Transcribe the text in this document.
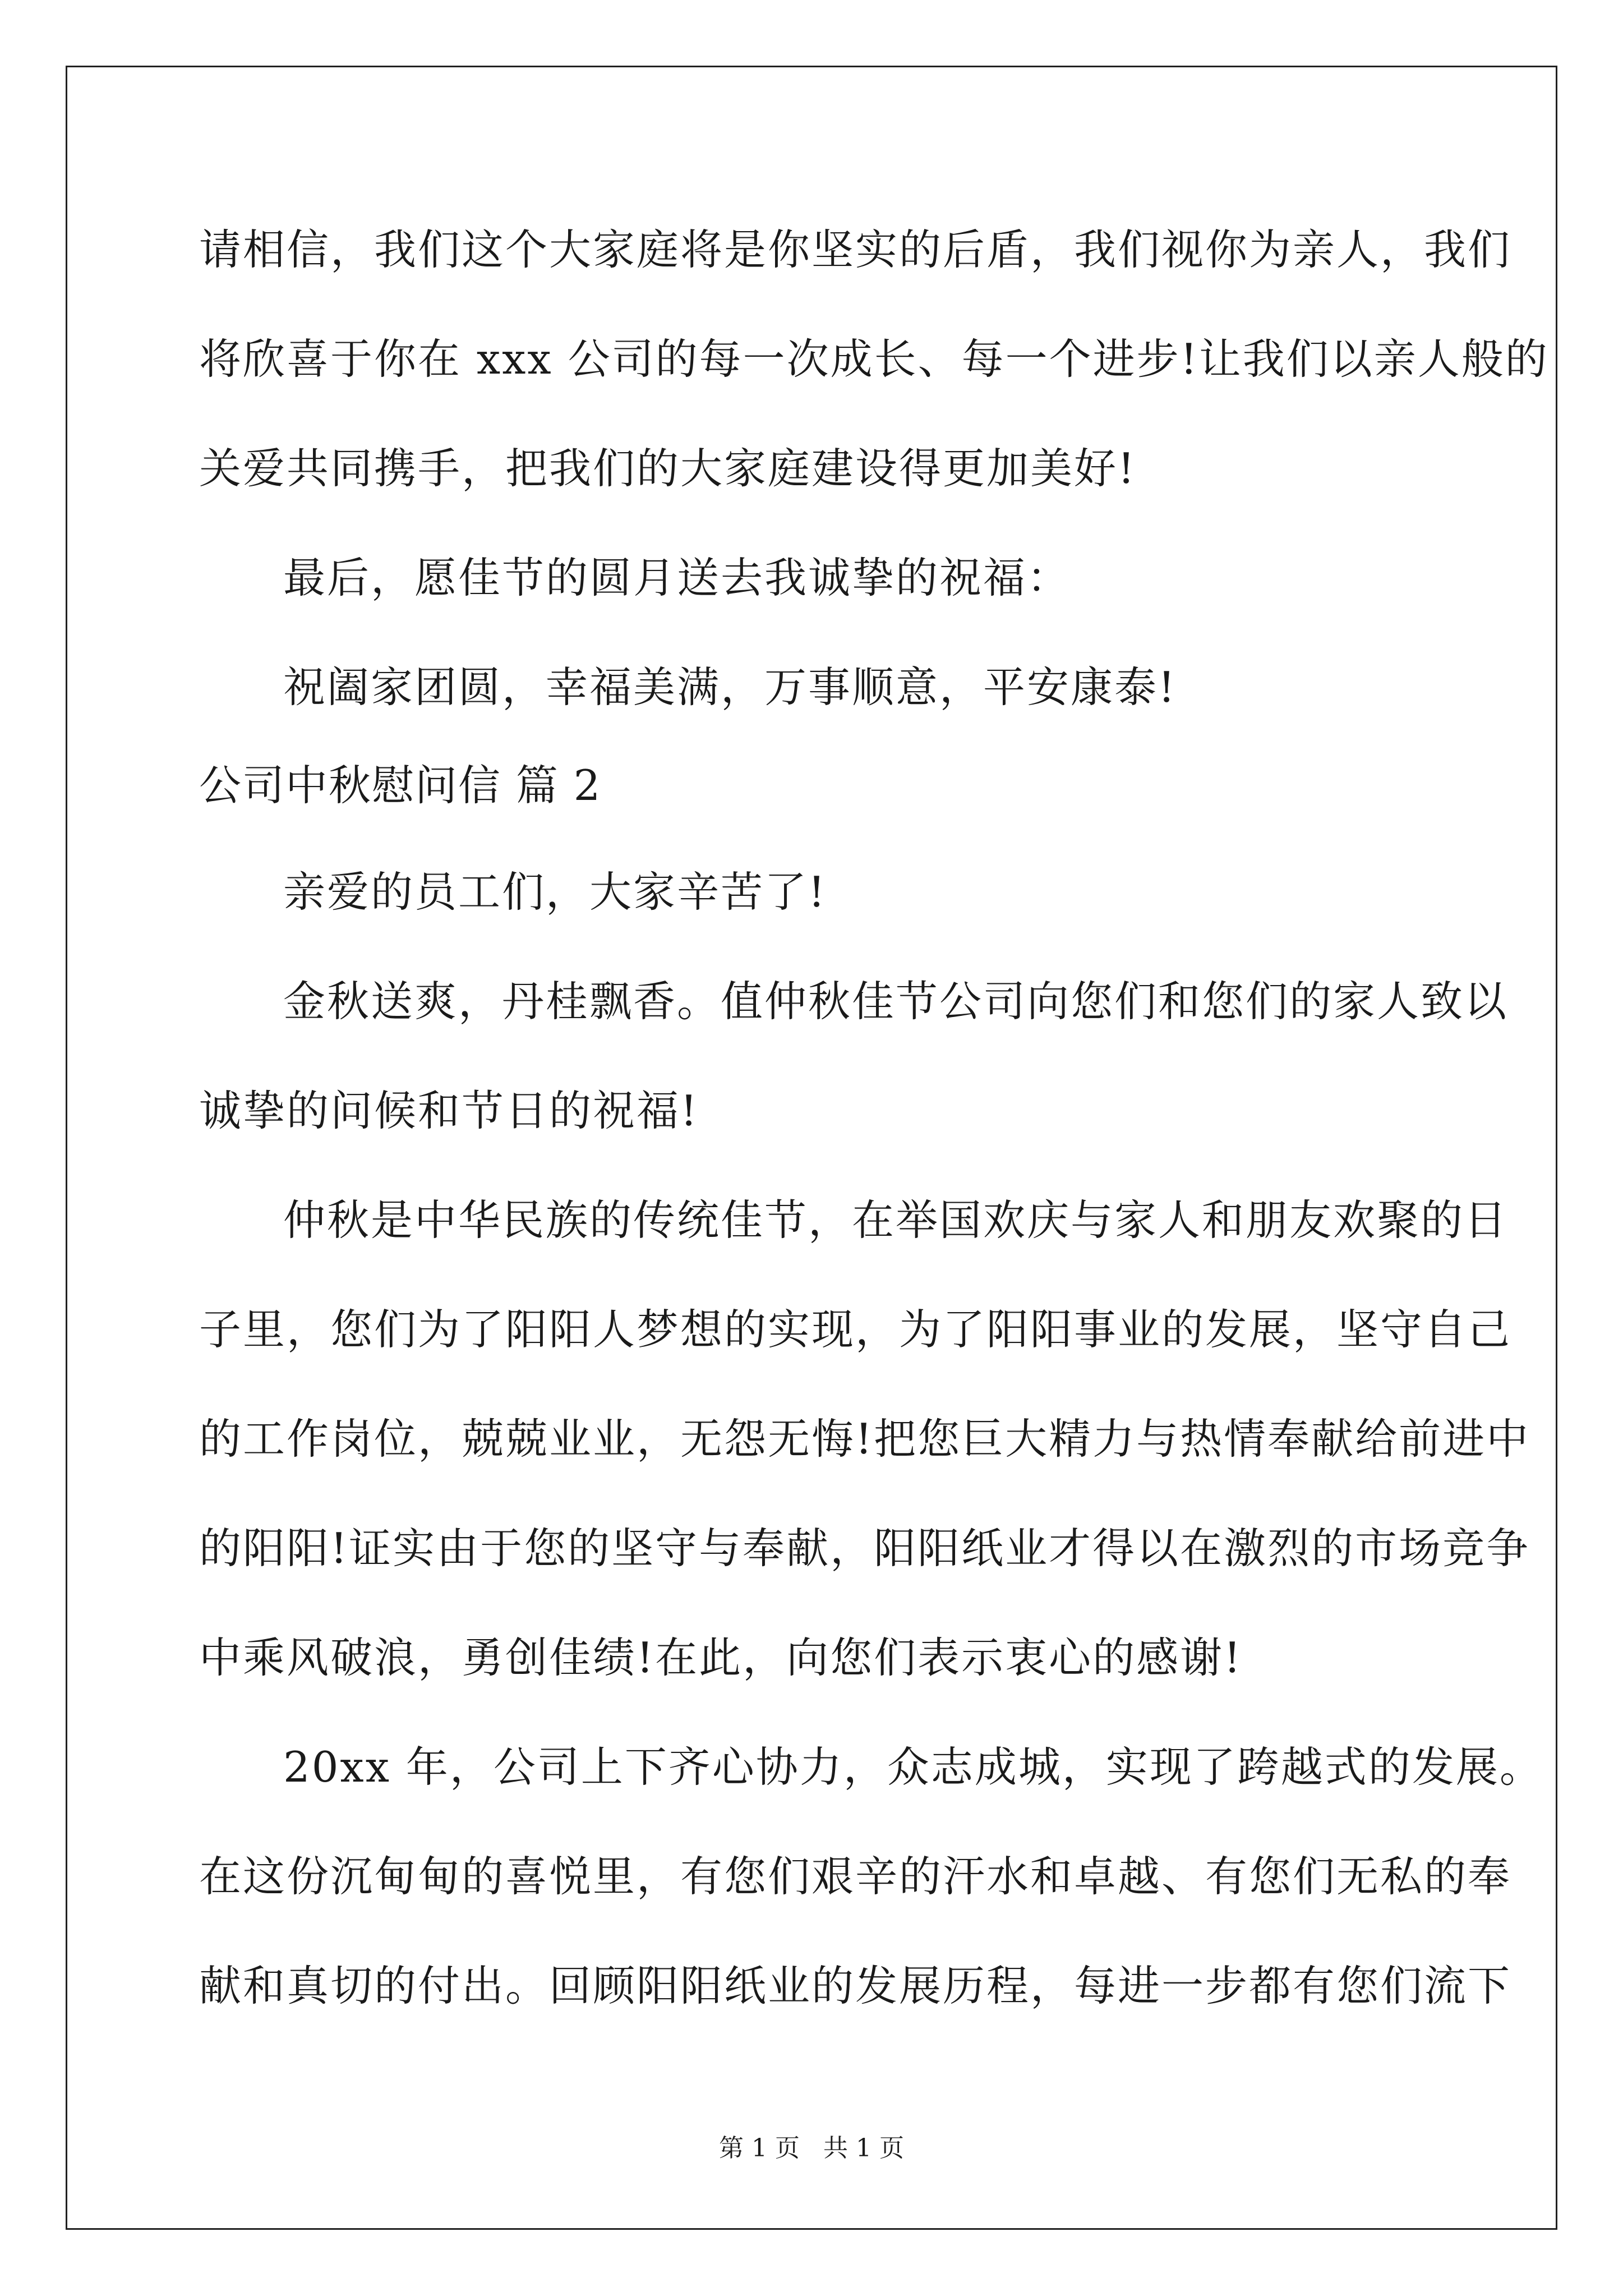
请相信，我们这个大家庭将是你坚实的后盾，我们视你为亲人，我们
将欣喜于你在 xxx 公司的每一次成长、每一个进步!让我们以亲人般的
关爱共同携手，把我们的大家庭建设得更加美好!
最后，愿佳节的圆月送去我诚挚的祝福：
祝阖家团圆，幸福美满，万事顺意，平安康泰!
公司中秋慰问信 篇 2
亲爱的员工们，大家辛苦了!
金秋送爽，丹桂飘香。值仲秋佳节公司向您们和您们的家人致以
诚挚的问候和节日的祝福!
仲秋是中华民族的传统佳节，在举国欢庆与家人和朋友欢聚的日
子里，您们为了阳阳人梦想的实现，为了阳阳事业的发展，坚守自己
的工作岗位，兢兢业业，无怨无悔!把您巨大精力与热情奉献给前进中
的阳阳!证实由于您的坚守与奉献，阳阳纸业才得以在激烈的市场竞争
中乘风破浪，勇创佳绩!在此，向您们表示衷心的感谢!
20xx 年，公司上下齐心协力，众志成城，实现了跨越式的发展。
在这份沉甸甸的喜悦里，有您们艰辛的汗水和卓越、有您们无私的奉
献和真切的付出。回顾阳阳纸业的发展历程，每进一步都有您们流下
第 1 页   共 1 页
